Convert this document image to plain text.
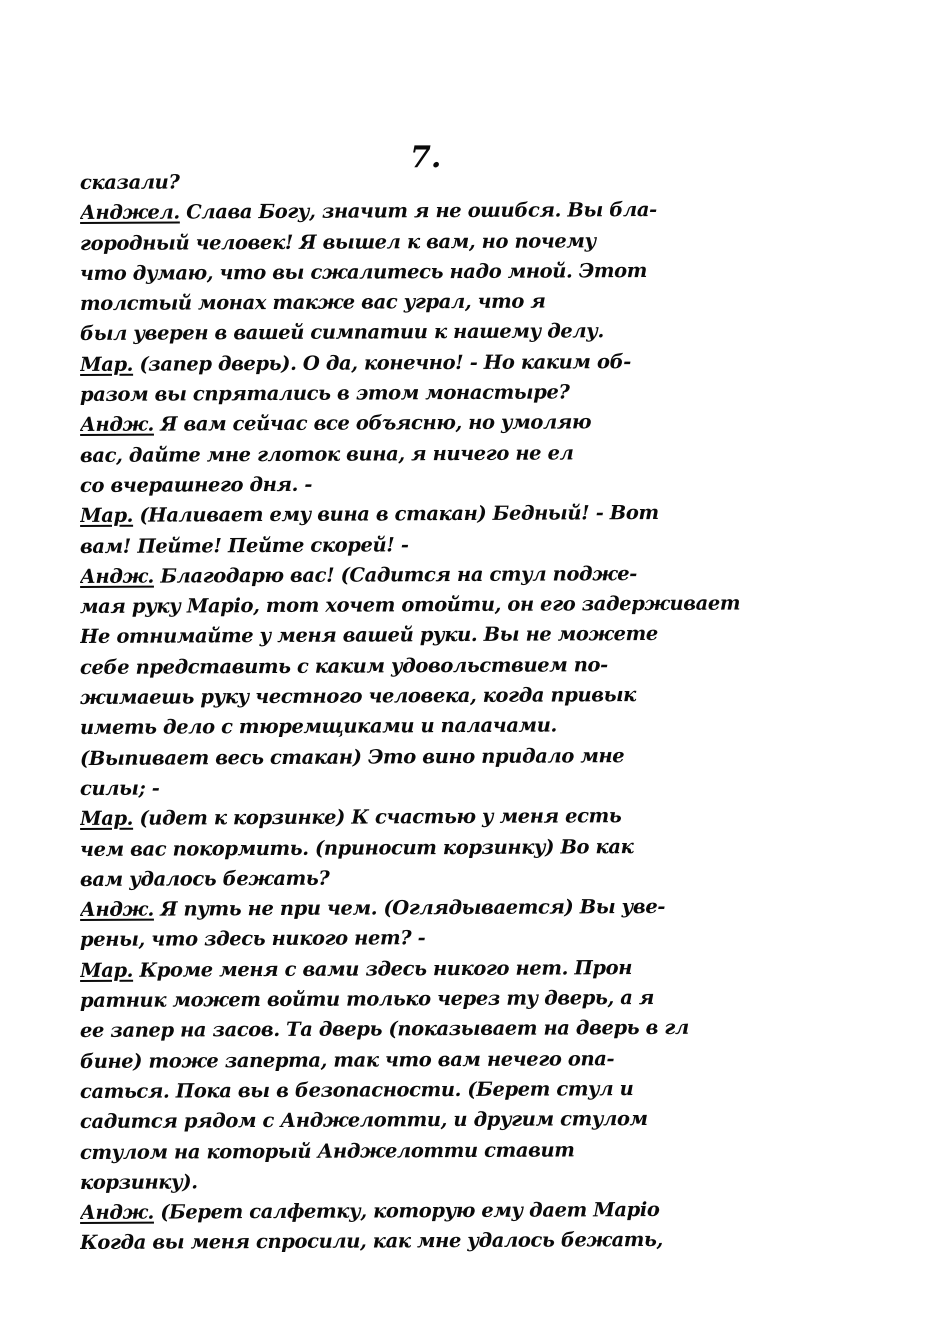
7.
сказали?
Анджел. Слава Богу, значит я не ошибся. Вы бла-
городный человек! Я вышел к вам, но почему
что думаю, что вы сжалитесь надо мной. Этот
толстый монах также вас уграл, что я
был уверен в вашей симпатии к нашему делу.
Мар. (запер дверь). О да, конечно! - Но каким об-
разом вы спрятались в этом монастыре?
Андж. Я вам сейчас все объясню, но умоляю
вас, дайте мне глоток вина, я ничего не ел
со вчерашнего дня. -
Мар. (Наливает ему вина в стакан) Бедный! - Вот
вам! Пейте! Пейте скорей! -
Андж. Благодарю вас! (Садится на стул подже-
мая руку Марiо, тот хочет отойти, он его задерживает
Не отнимайте у меня вашей руки. Вы не можете
себе представить с каким удовольствием по-
жимаешь руку честного человека, когда привык
иметь дело с тюремщиками и палачами.
(Выпивает весь стакан) Это вино придало мне
силы; -
Мар. (идет к корзинке) К счастью у меня есть
чем вас покормить. (приносит корзинку) Во как
вам удалось бежать?
Андж. Я путь не при чем. (Оглядывается) Вы уве-
рены, что здесь никого нет? -
Мар. Кроме меня с вами здесь никого нет. Прон
ратник может войти только через ту дверь, а я
ее запер на засов. Та дверь (показывает на дверь в гл
бине) тоже заперта, так что вам нечего опа-
саться. Пока вы в безопасности. (Берет стул и
садится рядом с Анджелотти, и другим стулом
стулом на который Анджелотти ставит
корзинку).
Андж. (Берет салфетку, которую ему дает Марiо
Когда вы меня спросили, как мне удалось бежать,
